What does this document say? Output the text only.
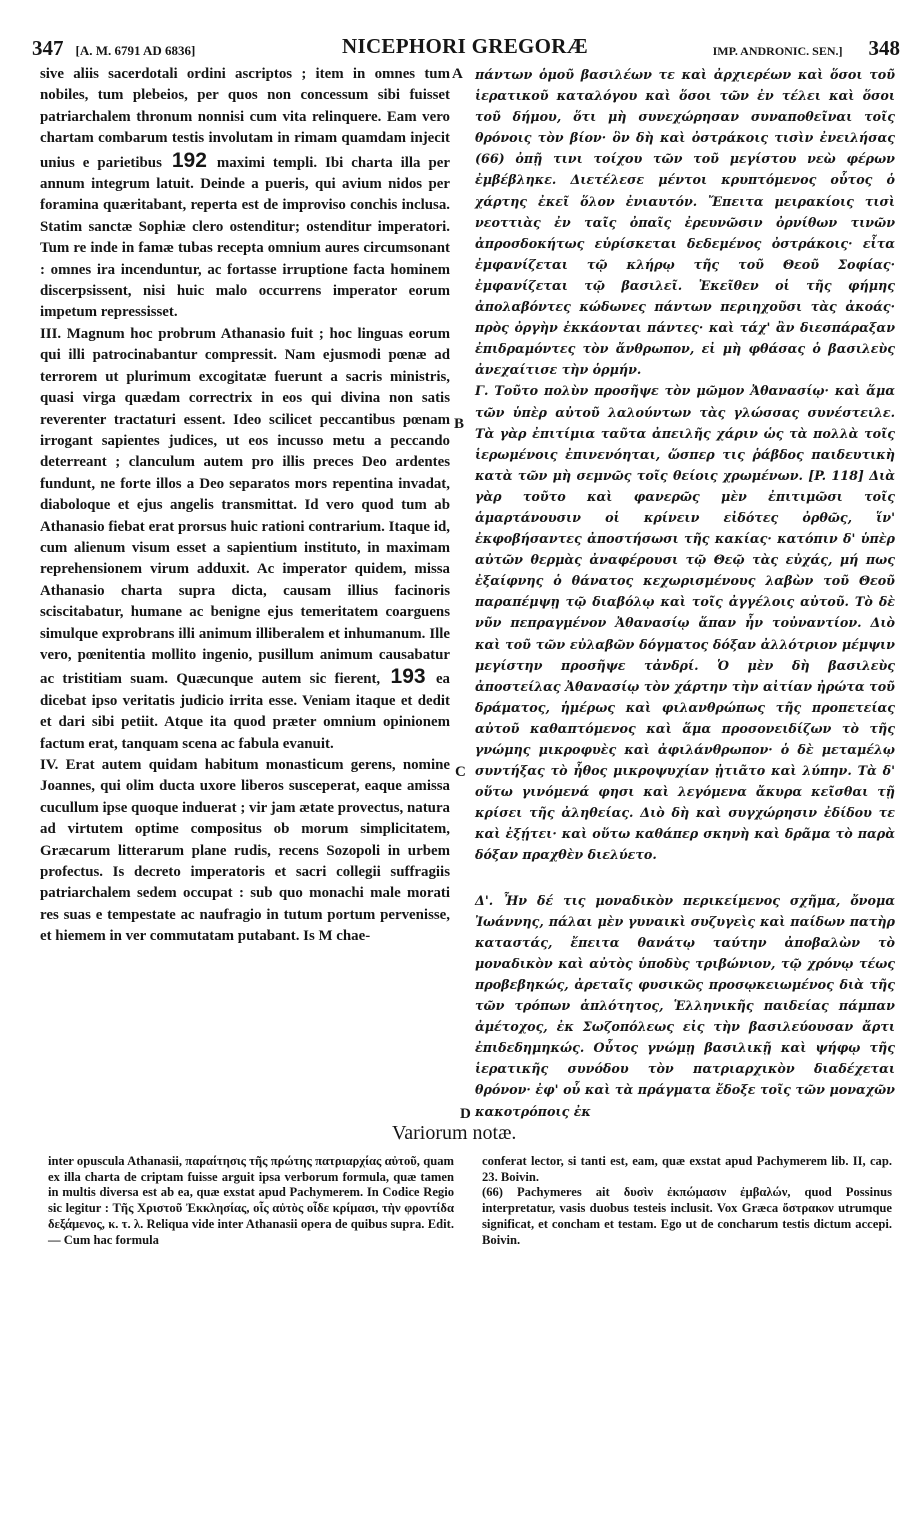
347 [A. M. 6791 AD 6836]	NICEPHORI GREGORÆ	IMP. ANDRONIC. SEN.] 348

sive aliis sacerdotali ordini ascriptos ; item in omnes tum nobiles, tum plebeios, per quos non concessum sibi fuisset patriarchalem thronum nonnisi cum vita relinquere. Eam vero chartam combarum testis involutam in rimam quamdam injecit unius e parietibus 192 maximi templi. Ibi charta illa per annum integrum latuit. Deinde a pueris, qui avium nidos per foramina quæritabant, reperta est de improviso conchis inclusa. Statim sanctæ Sophiæ clero ostenditur; ostenditur imperatori. Tum re inde in famæ tubas recepta omnium aures circumsonant : omnes ira incenduntur, ac fortasse irruptione facta hominem discerpsissent, nisi huic malo occurrens imperator eorum impetum repressisset.

III. Magnum hoc probrum Athanasio fuit ; hoc linguas eorum qui illi patrocinabantur compressit. Nam ejusmodi pœnæ ad terrorem ut plurimum excogitatæ fuerunt a sacris ministris, quasi virga quædam correctrix in eos qui divina non satis reverenter tractaturi essent. Ideo scilicet peccantibus pœnam irrogant sapientes judices, ut eos incusso metu a peccando deterreant ; clanculum autem pro illis preces Deo ardentes fundunt, ne forte illos a Deo separatos mors repentina invadat, diaboloque et ejus angelis transmittat. Id vero quod tum ab Athanasio fiebat erat prorsus huic rationi contrarium. Itaque id, cum alienum visum esset a sapientium instituto, in maximam reprehensionem virum adduxit. Ac imperator quidem, missa Athanasio charta supra dicta, causam illius facinoris sciscitabatur, humane ac benigne ejus temeritatem coarguens simulque exprobrans illi animum illiberalem et inhumanum. Ille vero, pœnitentia mollito ingenio, pusillum animum causabatur ac tristitiam suam. Quæcunque autem sic fierent, 193 ea dicebat ipso veritatis judicio irrita esse. Veniam itaque et dedit et dari sibi petiit. Atque ita quod præter omnium opinionem factum erat, tanquam scena ac fabula evanuit.

IV. Erat autem quidam habitum monasticum gerens, nomine Joannes, qui olim ducta uxore liberos susceperat, eaque amissa cucullum ipse quoque induerat ; vir jam ætate provectus, natura ad virtutem optime compositus ob morum simplicitatem, Græcarum litterarum plane rudis, recens Sozopoli in urbem profectus. Is decreto imperatoris et sacri collegii suffragiis patriarchalem sedem occupat : sub quo monachi male morati res suas e tempestate ac naufragio in tutum portum pervenisse, et hiemem in ver commutatam putabant. Is M chae-

πάντων ὁμοῦ βασιλέων τε καὶ ἀρχιερέων καὶ ὅσοι τοῦ ἱερατικοῦ καταλόγου καὶ ὅσοι τῶν ἐν τέλει καὶ ὅσοι τοῦ δήμου, ὅτι μὴ συνεχώρησαν συναποθεῖναι τοῖς θρόνοις τὸν βίον· ὃν δὴ καὶ ὀστράκοις τισὶν ἐνειλήσας (66) ὀπῇ τινι τοίχου τῶν τοῦ μεγίστου νεὼ φέρων ἐμβέβληκε. Διετέλεσε μέντοι κρυπτόμενος οὗτος ὁ χάρτης ἐκεῖ ὅλον ἐνιαυτόν. Ἔπειτα μειρακίοις τισὶ νεοττιὰς ἐν ταῖς ὀπαῖς ἐρευνῶσιν ὀρνίθων τινῶν ἀπροσδοκήτως εὑρίσκεται δεδεμένος ὀστράκοις· εἶτα ἐμφανίζεται τῷ κλήρῳ τῆς τοῦ Θεοῦ Σοφίας· ἐμφανίζεται τῷ βασιλεῖ. Ἐκεῖθεν οἱ τῆς φήμης ἀπολαβόντες κώδωνες πάντων περιηχοῦσι τὰς ἀκοάς· πρὸς ὀργὴν ἐκκάονται πάντες· καὶ τάχ' ἂν διεσπάραξαν ἐπιδραμόντες τὸν ἄνθρωπον, εἰ μὴ φθάσας ὁ βασιλεὺς ἀνεχαίτισε τὴν ὁρμήν.

Γ. Τοῦτο πολὺν προσῆψε τὸν μῶμον Ἀθανασίῳ· καὶ ἅμα τῶν ὑπὲρ αὐτοῦ λαλούντων τὰς γλώσσας συνέστειλε. Τὰ γὰρ ἐπιτίμια ταῦτα ἀπειλῆς χάριν ὡς τὰ πολλὰ τοῖς ἱερωμένοις ἐπινενόηται, ὥσπερ τις ῥάβδος παιδευτικὴ κατὰ τῶν μὴ σεμνῶς τοῖς θείοις χρωμένων. [P. 118] Διὰ γὰρ τοῦτο καὶ φανερῶς μὲν ἐπιτιμῶσι τοῖς ἁμαρτάνουσιν οἱ κρίνειν εἰδότες ὀρθῶς, ἵν' ἐκφοβήσαντες ἀποστήσωσι τῆς κακίας· κατόπιν δ' ὑπὲρ αὐτῶν θερμὰς ἀναφέρουσι τῷ Θεῷ τὰς εὐχάς, μή πως ἐξαίφνης ὁ θάνατος κεχωρισμένους λαβὼν τοῦ Θεοῦ παραπέμψῃ τῷ διαβόλῳ καὶ τοῖς ἀγγέλοις αὐτοῦ. Τὸ δὲ νῦν πεπραγμένον Ἀθανασίῳ ἅπαν ἦν τοὐναντίον. Διὸ καὶ τοῦ τῶν εὐλαβῶν δόγματος δόξαν ἀλλότριον μέμψιν μεγίστην προσῆψε τἀνδρί. Ὁ μὲν δὴ βασιλεὺς ἀποστείλας Ἀθανασίῳ τὸν χάρτην τὴν αἰτίαν ἠρώτα τοῦ δράματος, ἡμέρως καὶ φιλανθρώπως τῆς προπετείας αὐτοῦ καθαπτόμενος καὶ ἅμα προσονειδίζων τὸ τῆς γνώμης μικροφυὲς καὶ ἀφιλάνθρωπον· ὁ δὲ μεταμέλῳ συντήξας τὸ ἦθος μικροψυχίαν ᾐτιᾶτο καὶ λύπην. Τὰ δ' οὕτω γινόμενά φησι καὶ λεγόμενα ἄκυρα κεῖσθαι τῇ κρίσει τῆς ἀληθείας. Διὸ δὴ καὶ συγχώρησιν ἐδίδου τε καὶ ἐξῄτει· καὶ οὕτω καθάπερ σκηνὴ καὶ δρᾶμα τὸ παρὰ δόξαν πραχθὲν διελύετο.

Δ'. Ἦν δέ τις μοναδικὸν περικείμενος σχῆμα, ὄνομα Ἰωάννης, πάλαι μὲν γυναικὶ συζυγεὶς καὶ παίδων πατὴρ καταστάς, ἔπειτα θανάτῳ ταύτην ἀποβαλὼν τὸ μοναδικὸν καὶ αὐτὸς ὑποδὺς τριβώνιον, τῷ χρόνῳ τέως προβεβηκώς, ἀρεταῖς φυσικῶς προσῳκειωμένος διὰ τῆς τῶν τρόπων ἁπλότητος, Ἑλληνικῆς παιδείας πάμπαν ἀμέτοχος, ἐκ Σωζοπόλεως εἰς τὴν βασιλεύουσαν ἄρτι ἐπιδεδημηκώς. Οὗτος γνώμῃ βασιλικῇ καὶ ψήφῳ τῆς ἱερατικῆς συνόδου τὸν πατριαρχικὸν διαδέχεται θρόνον· ἐφ' οὗ καὶ τὰ πράγματα ἔδοξε τοῖς τῶν μοναχῶν κακοτρόποις ἐκ

A
B
C
D
Variorum notæ.
inter opuscula Athanasii, παραίτησις τῆς πρώτης πατριαρχίας αὐτοῦ, quam ex illa charta de criptam fuisse arguit ipsa verborum formula, quæ tamen in multis diversa est ab ea, quæ exstat apud Pachymerem. In Codice Regio sic legitur : Τῆς Χριστοῦ Ἐκκλησίας, οἷς αὐτὸς οἶδε κρίμασι, τὴν φροντίδα δεξάμενος, κ. τ. λ. Reliqua vide inter Athanasii opera de quibus supra. Edit. — Cum hac formula

conferat lector, si tanti est, eam, quæ exstat apud Pachymerem lib. II, cap. 23. Boivin.

(66) Pachymeres ait δυσὶν ἐκπώμασιν ἐμβαλών, quod Possinus interpretatur, vasis duobus testeis inclusit. Vox Græca ὄστρακον utrumque significat, et concham et testam. Ego ut de concharum testis dictum accepi. Boivin.
